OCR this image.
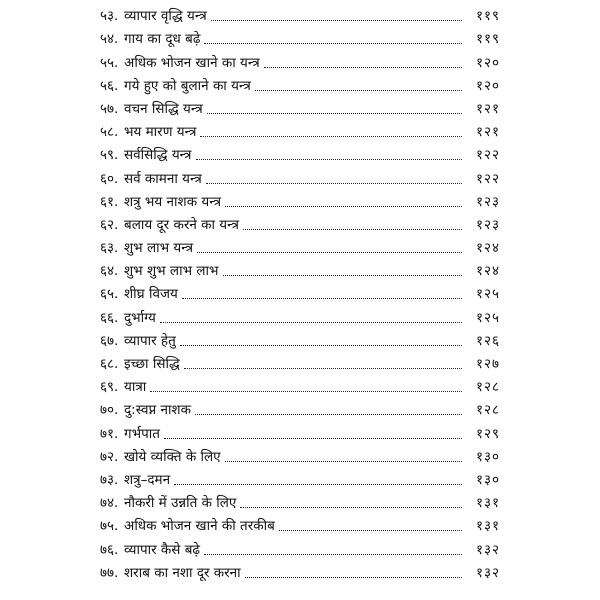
५३. व्यापार वृद्धि यन्त्र	११९
५४. गाय का दूध बढ़े	११९
५५. अधिक भोजन खाने का यन्त्र	१२०
५६. गये हुए को बुलाने का यन्त्र	१२०
५७. वचन सिद्धि यन्त्र	१२१
५८. भय मारण यन्त्र	१२१
५९. सर्वसिद्धि यन्त्र	१२२
६०. सर्व कामना यन्त्र	१२२
६१. शत्रु भय नाशक यन्त्र	१२३
६२. बलाय दूर करने का यन्त्र	१२३
६३. शुभ लाभ यन्त्र	१२४
६४. शुभ शुभ लाभ लाभ	१२४
६५. शीघ्र विजय	१२५
६६. दुर्भाग्य	१२५
६७. व्यापार हेतु	१२६
६८. इच्छा सिद्धि	१२७
६९. यात्रा	१२८
७०. दु:स्वप्न नाशक	१२८
७१. गर्भपात	१२९
७२. खोये व्यक्ति के लिए	१३०
७३. शत्रु–दमन	१३०
७४. नौकरी में उन्नति के लिए	१३१
७५. अधिक भोजन खाने की तरकीब	१३१
७६. व्यापार कैसे बढ़े	१३२
७७. शराब का नशा दूर करना	१३२
